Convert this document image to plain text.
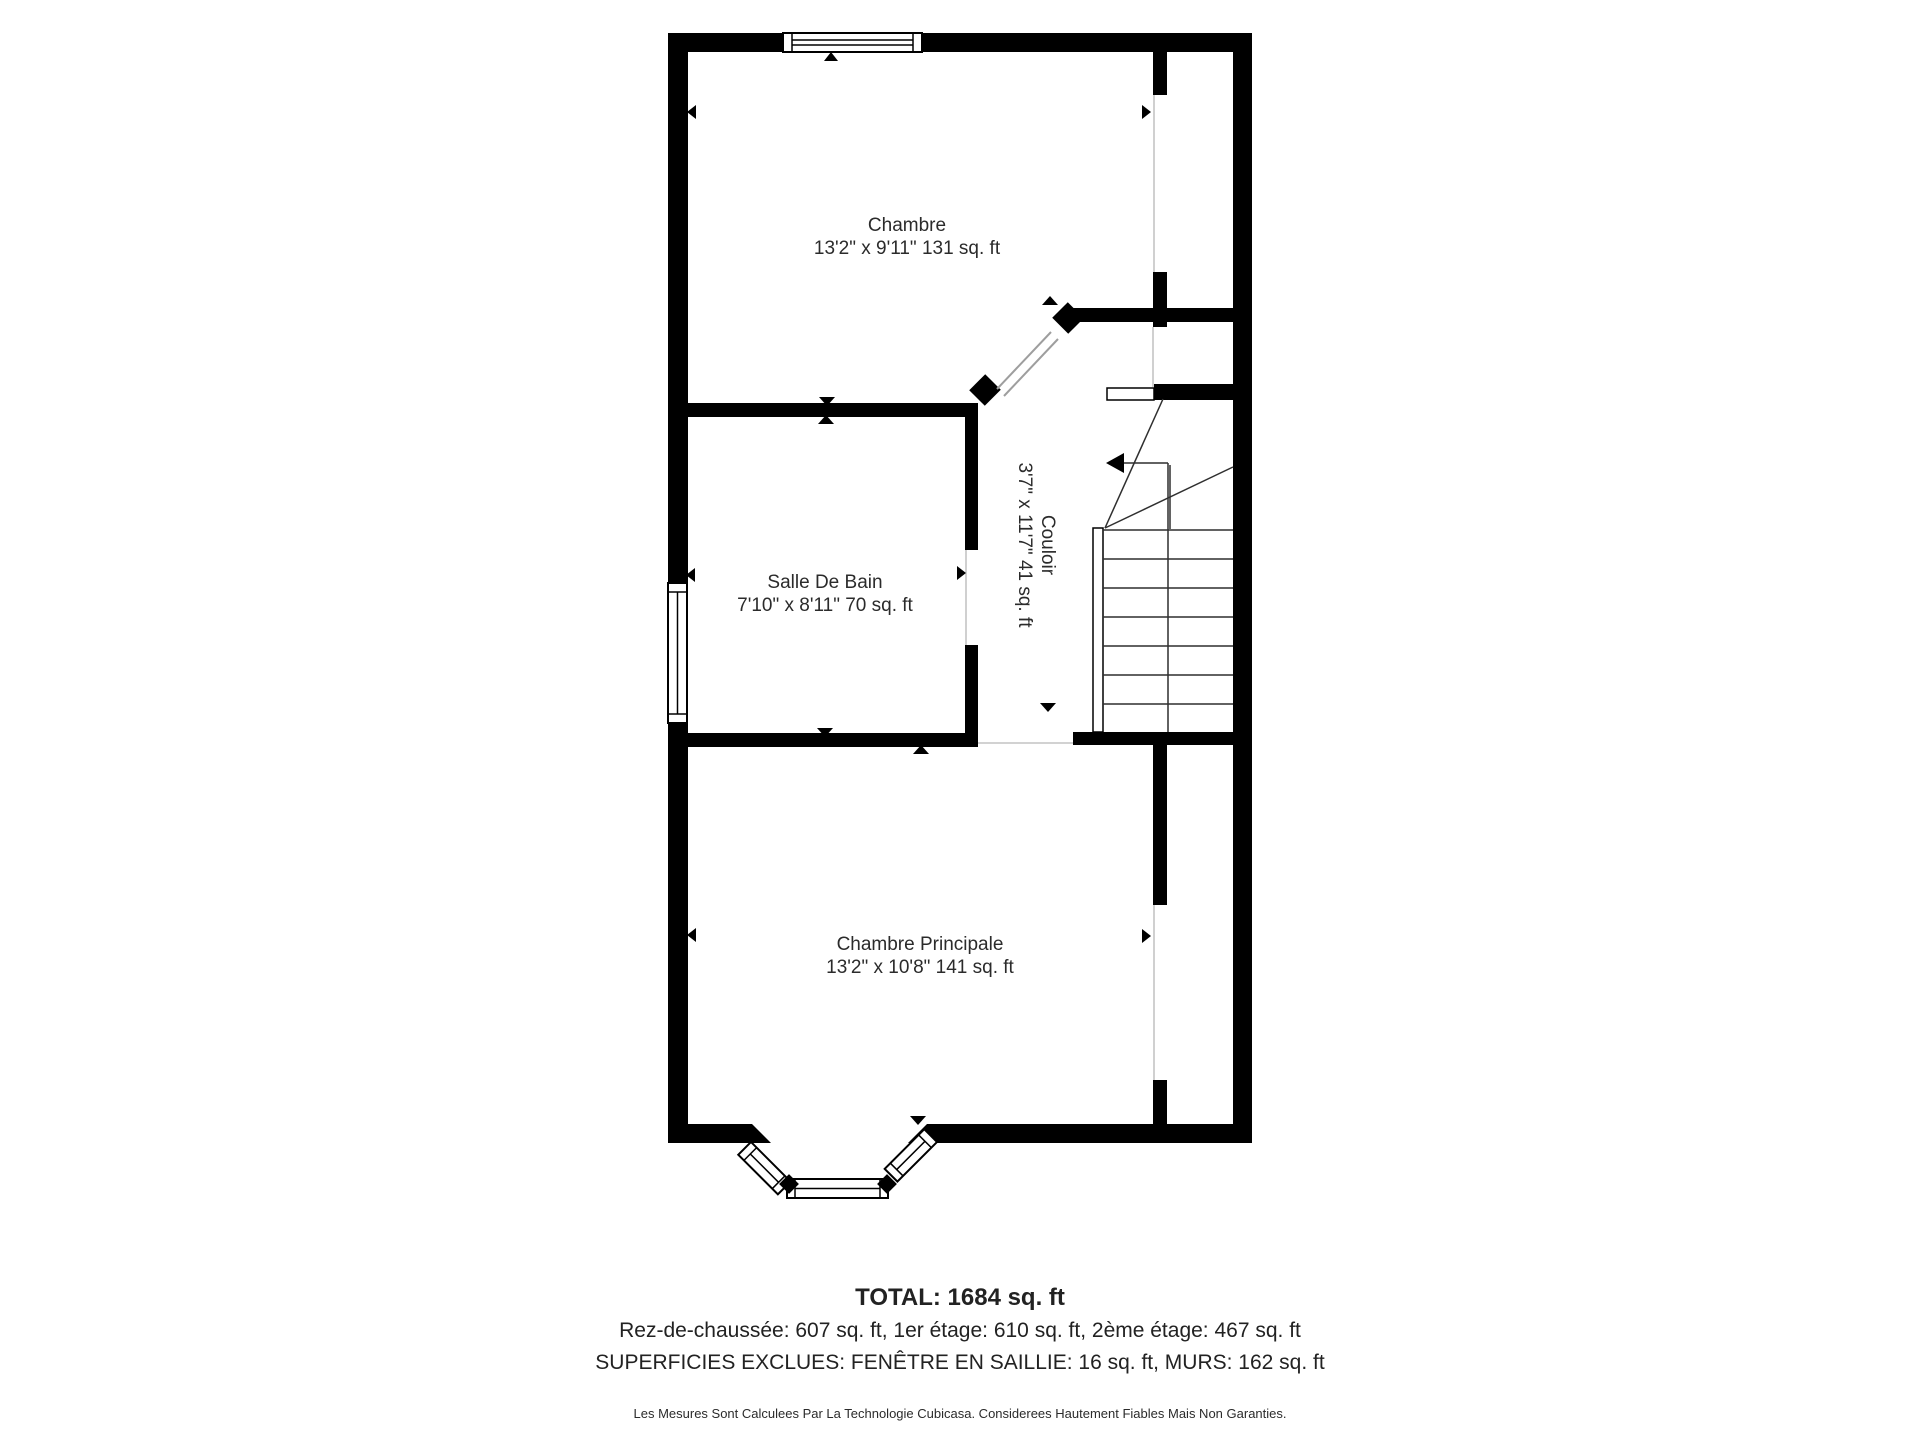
Chambre
13'2" x 9'11" 131 sq. ft
Salle De Bain
7'10" x 8'11" 70 sq. ft
Couloir
3'7" x 11'7" 41 sq. ft
Chambre Principale
13'2" x 10'8" 141 sq. ft
TOTAL: 1684 sq. ft
Rez-de-chaussée: 607 sq. ft, 1er étage: 610 sq. ft, 2ème étage: 467 sq. ft
SUPERFICIES EXCLUES: FENÊTRE EN SAILLIE: 16 sq. ft, MURS: 162 sq. ft
Les Mesures Sont Calculees Par La Technologie Cubicasa. Considerees Hautement Fiables Mais Non Garanties.
